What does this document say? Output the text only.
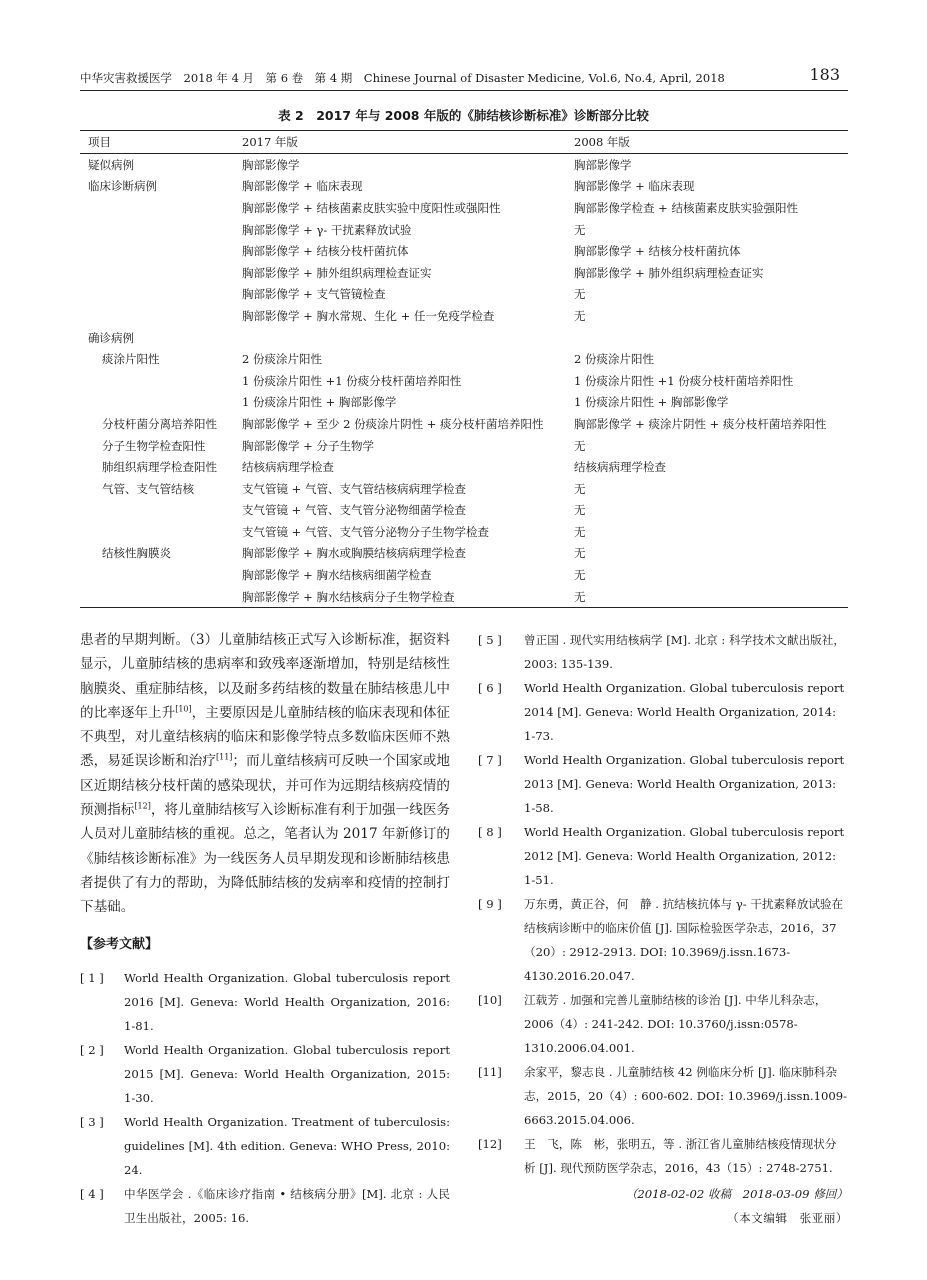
中华灾害救援医学　2018 年 4 月　第 6 卷　第 4 期　Chinese Journal of Disaster Medicine, Vol.6, No.4, April, 2018	183
表 2　2017 年与 2008 年版的《肺结核诊断标准》诊断部分比较
项目	2017 年版	2008 年版
疑似病例	胸部影像学	胸部影像学
临床诊断病例	胸部影像学 + 临床表现	胸部影像学 + 临床表现
	胸部影像学 + 结核菌素皮肤实验中度阳性或强阳性	胸部影像学检查 + 结核菌素皮肤实验强阳性
	胸部影像学 + γ- 干扰素释放试验	无
	胸部影像学 + 结核分枝杆菌抗体	胸部影像学 + 结核分枝杆菌抗体
	胸部影像学 + 肺外组织病理检查证实	胸部影像学 + 肺外组织病理检查证实
	胸部影像学 + 支气管镜检查	无
	胸部影像学 + 胸水常规、生化 + 任一免疫学检查	无
确诊病例		
痰涂片阳性	2 份痰涂片阳性	2 份痰涂片阳性
	1 份痰涂片阳性 +1 份痰分枝杆菌培养阳性	1 份痰涂片阳性 +1 份痰分枝杆菌培养阳性
	1 份痰涂片阳性 + 胸部影像学	1 份痰涂片阳性 + 胸部影像学
分枝杆菌分离培养阳性	胸部影像学 + 至少 2 份痰涂片阴性 + 痰分枝杆菌培养阳性	胸部影像学 + 痰涂片阴性 + 痰分枝杆菌培养阳性
分子生物学检查阳性	胸部影像学 + 分子生物学	无
肺组织病理学检查阳性	结核病病理学检查	结核病病理学检查
气管、支气管结核	支气管镜 + 气管、支气管结核病病理学检查	无
	支气管镜 + 气管、支气管分泌物细菌学检查	无
	支气管镜 + 气管、支气管分泌物分子生物学检查	无
结核性胸膜炎	胸部影像学 + 胸水或胸膜结核病病理学检查	无
	胸部影像学 + 胸水结核病细菌学检查	无
	胸部影像学 + 胸水结核病分子生物学检查	无

患者的早期判断。（3）儿童肺结核正式写入诊断标准，据资料显示，儿童肺结核的患病率和致残率逐渐增加，特别是结核性脑膜炎、重症肺结核，以及耐多药结核的数量在肺结核患儿中的比率逐年上升[10]，主要原因是儿童肺结核的临床表现和体征不典型，对儿童结核病的临床和影像学特点多数临床医师不熟悉，易延误诊断和治疗[11]；而儿童结核病可反映一个国家或地区近期结核分枝杆菌的感染现状，并可作为远期结核病疫情的预测指标[12]，将儿童肺结核写入诊断标准有利于加强一线医务人员对儿童肺结核的重视。总之，笔者认为 2017 年新修订的《肺结核诊断标准》为一线医务人员早期发现和诊断肺结核患者提供了有力的帮助，为降低肺结核的发病率和疫情的控制打下基础。

【参考文献】
[ 1 ]	World Health Organization. Global tuberculosis report 2016 [M]. Geneva: World Health Organization, 2016: 1-81.
[ 2 ]	World Health Organization. Global tuberculosis report 2015 [M]. Geneva: World Health Organization, 2015: 1-30.
[ 3 ]	World Health Organization. Treatment of tuberculosis: guidelines [M]. 4th edition. Geneva: WHO Press, 2010: 24.
[ 4 ]	中华医学会 .《临床诊疗指南 • 结核病分册》[M]. 北京 : 人民卫生出版社，2005: 16.
[ 5 ]	曾正国 . 现代实用结核病学 [M]. 北京 : 科学技术文献出版社，2003: 135-139.
[ 6 ]	World Health Organization. Global tuberculosis report 2014 [M]. Geneva: World Health Organization, 2014: 1-73.
[ 7 ]	World Health Organization. Global tuberculosis report 2013 [M]. Geneva: World Health Organization, 2013: 1-58.
[ 8 ]	World Health Organization. Global tuberculosis report 2012 [M]. Geneva: World Health Organization, 2012: 1-51.
[ 9 ]	万东勇，黄正谷，何　静 . 抗结核抗体与 γ- 干扰素释放试验在结核病诊断中的临床价值 [J]. 国际检验医学杂志，2016，37（20）: 2912-2913. DOI: 10.3969/j.issn.1673-4130.2016.20.047.
[10]	江载芳 . 加强和完善儿童肺结核的诊治 [J]. 中华儿科杂志，2006（4）: 241-242. DOI: 10.3760/j.issn:0578-1310.2006.04.001.
[11]	余家平，黎志良 . 儿童肺结核 42 例临床分析 [J]. 临床肺科杂志，2015，20（4）: 600-602. DOI: 10.3969/j.issn.1009-6663.2015.04.006.
[12]	王　飞，陈　彬，张明五，等 . 浙江省儿童肺结核疫情现状分析 [J]. 现代预防医学杂志，2016，43（15）: 2748-2751.
（2018-02-02 收稿　2018-03-09 修回）
（本文编辑　张亚丽）
